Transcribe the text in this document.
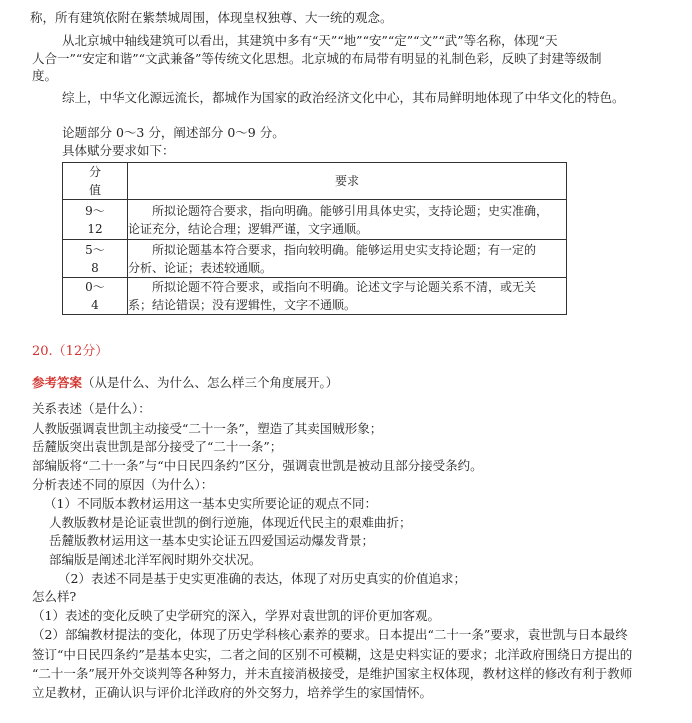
称，所有建筑依附在紫禁城周围，体现皇权独尊、大一统的观念。
从北京城中轴线建筑可以看出，其建筑中多有“天”“地”“安”“定”“文”“武”等名称，体现“天
人合一”“安定和谐”“文武兼备”等传统文化思想。北京城的布局带有明显的礼制色彩，反映了封建等级制
度。
综上，中华文化源远流长，都城作为国家的政治经济文化中心，其布局鲜明地体现了中华文化的特色。
论题部分 0～3 分，阐述部分 0～9 分。
具体赋分要求如下：
分
值	要求

9～
12	所拟论题符合要求，指向明确。能够引用具体史实，支持论题；史实准确，
论证充分，结论合理；逻辑严谨，文字通顺。

5～
8	所拟论题基本符合要求，指向较明确。能够运用史实支持论题；有一定的
分析、论证；表述较通顺。

0～
4	所拟论题不符合要求，或指向不明确。论述文字与论题关系不清，或无关
系；结论错误；没有逻辑性，文字不通顺。
20.（12分）
参考答案（从是什么、为什么、怎么样三个角度展开。）
关系表述（是什么）：
人教版强调袁世凯主动接受“二十一条”，塑造了其卖国贼形象；
岳麓版突出袁世凯是部分接受了“二十一条”；
部编版将“二十一条”与“中日民四条约”区分，强调袁世凯是被动且部分接受条约。
分析表述不同的原因（为什么）：
（1）不同版本教材运用这一基本史实所要论证的观点不同：
人教版教材是论证袁世凯的倒行逆施，体现近代民主的艰难曲折；
岳麓版教材运用这一基本史实论证五四爱国运动爆发背景；
部编版是阐述北洋军阀时期外交状况。
（2）表述不同是基于史实更准确的表达，体现了对历史真实的价值追求；
怎么样?
（1）表述的变化反映了史学研究的深入，学界对袁世凯的评价更加客观。
（2）部编教材提法的变化，体现了历史学科核心素养的要求。日本提出“二十一条”要求，袁世凯与日本最终
签订“中日民四条约”是基本史实，二者之间的区别不可模糊，这是史料实证的要求；北洋政府围绕日方提出的
“二十一条”展开外交谈判等各种努力，并未直接消极接受，是维护国家主权体现，教材这样的修改有利于教师
立足教材，正确认识与评价北洋政府的外交努力，培养学生的家国情怀。
